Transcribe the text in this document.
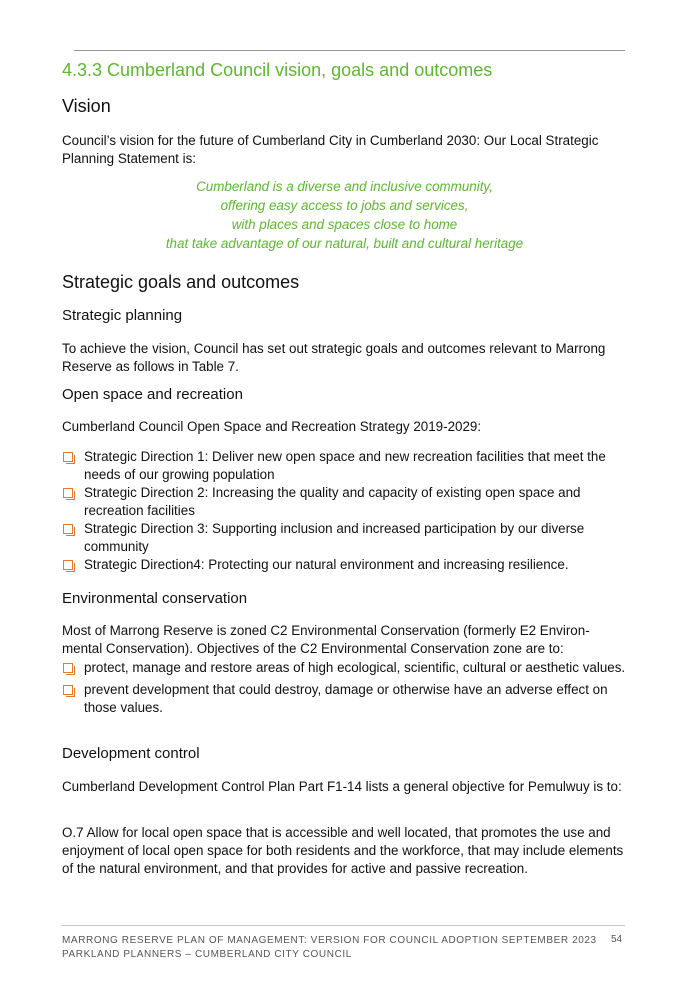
4.3.3 Cumberland Council vision, goals and outcomes
Vision
Council’s vision for the future of Cumberland City in Cumberland 2030: Our Local Strategic Planning Statement is:
Cumberland is a diverse and inclusive community,
offering easy access to jobs and services,
with places and spaces close to home
that take advantage of our natural, built and cultural heritage
Strategic goals and outcomes
Strategic planning
To achieve the vision, Council has set out strategic goals and outcomes relevant to Marrong Reserve as follows in Table 7.
Open space and recreation
Cumberland Council Open Space and Recreation Strategy 2019-2029:
Strategic Direction 1: Deliver new open space and new recreation facilities that meet the needs of our growing population
Strategic Direction 2: Increasing the quality and capacity of existing open space and recreation facilities
Strategic Direction 3: Supporting inclusion and increased participation by our diverse community
Strategic Direction4: Protecting our natural environment and increasing resilience.
Environmental conservation
Most of Marrong Reserve is zoned C2 Environmental Conservation (formerly E2 Environ-mental Conservation). Objectives of the C2 Environmental Conservation zone are to:
protect, manage and restore areas of high ecological, scientific, cultural or aesthetic values.
prevent development that could destroy, damage or otherwise have an adverse effect on those values.
Development control
Cumberland Development Control Plan Part F1-14 lists a general objective for Pemulwuy is to:
O.7 Allow for local open space that is accessible and well located, that promotes the use and enjoyment of local open space for both residents and the workforce, that may include elements of the natural environment, and that provides for active and passive recreation.
MARRONG RESERVE PLAN OF MANAGEMENT: VERSION FOR COUNCIL ADOPTION SEPTEMBER 2023
PARKLAND PLANNERS – CUMBERLAND CITY COUNCIL
54
